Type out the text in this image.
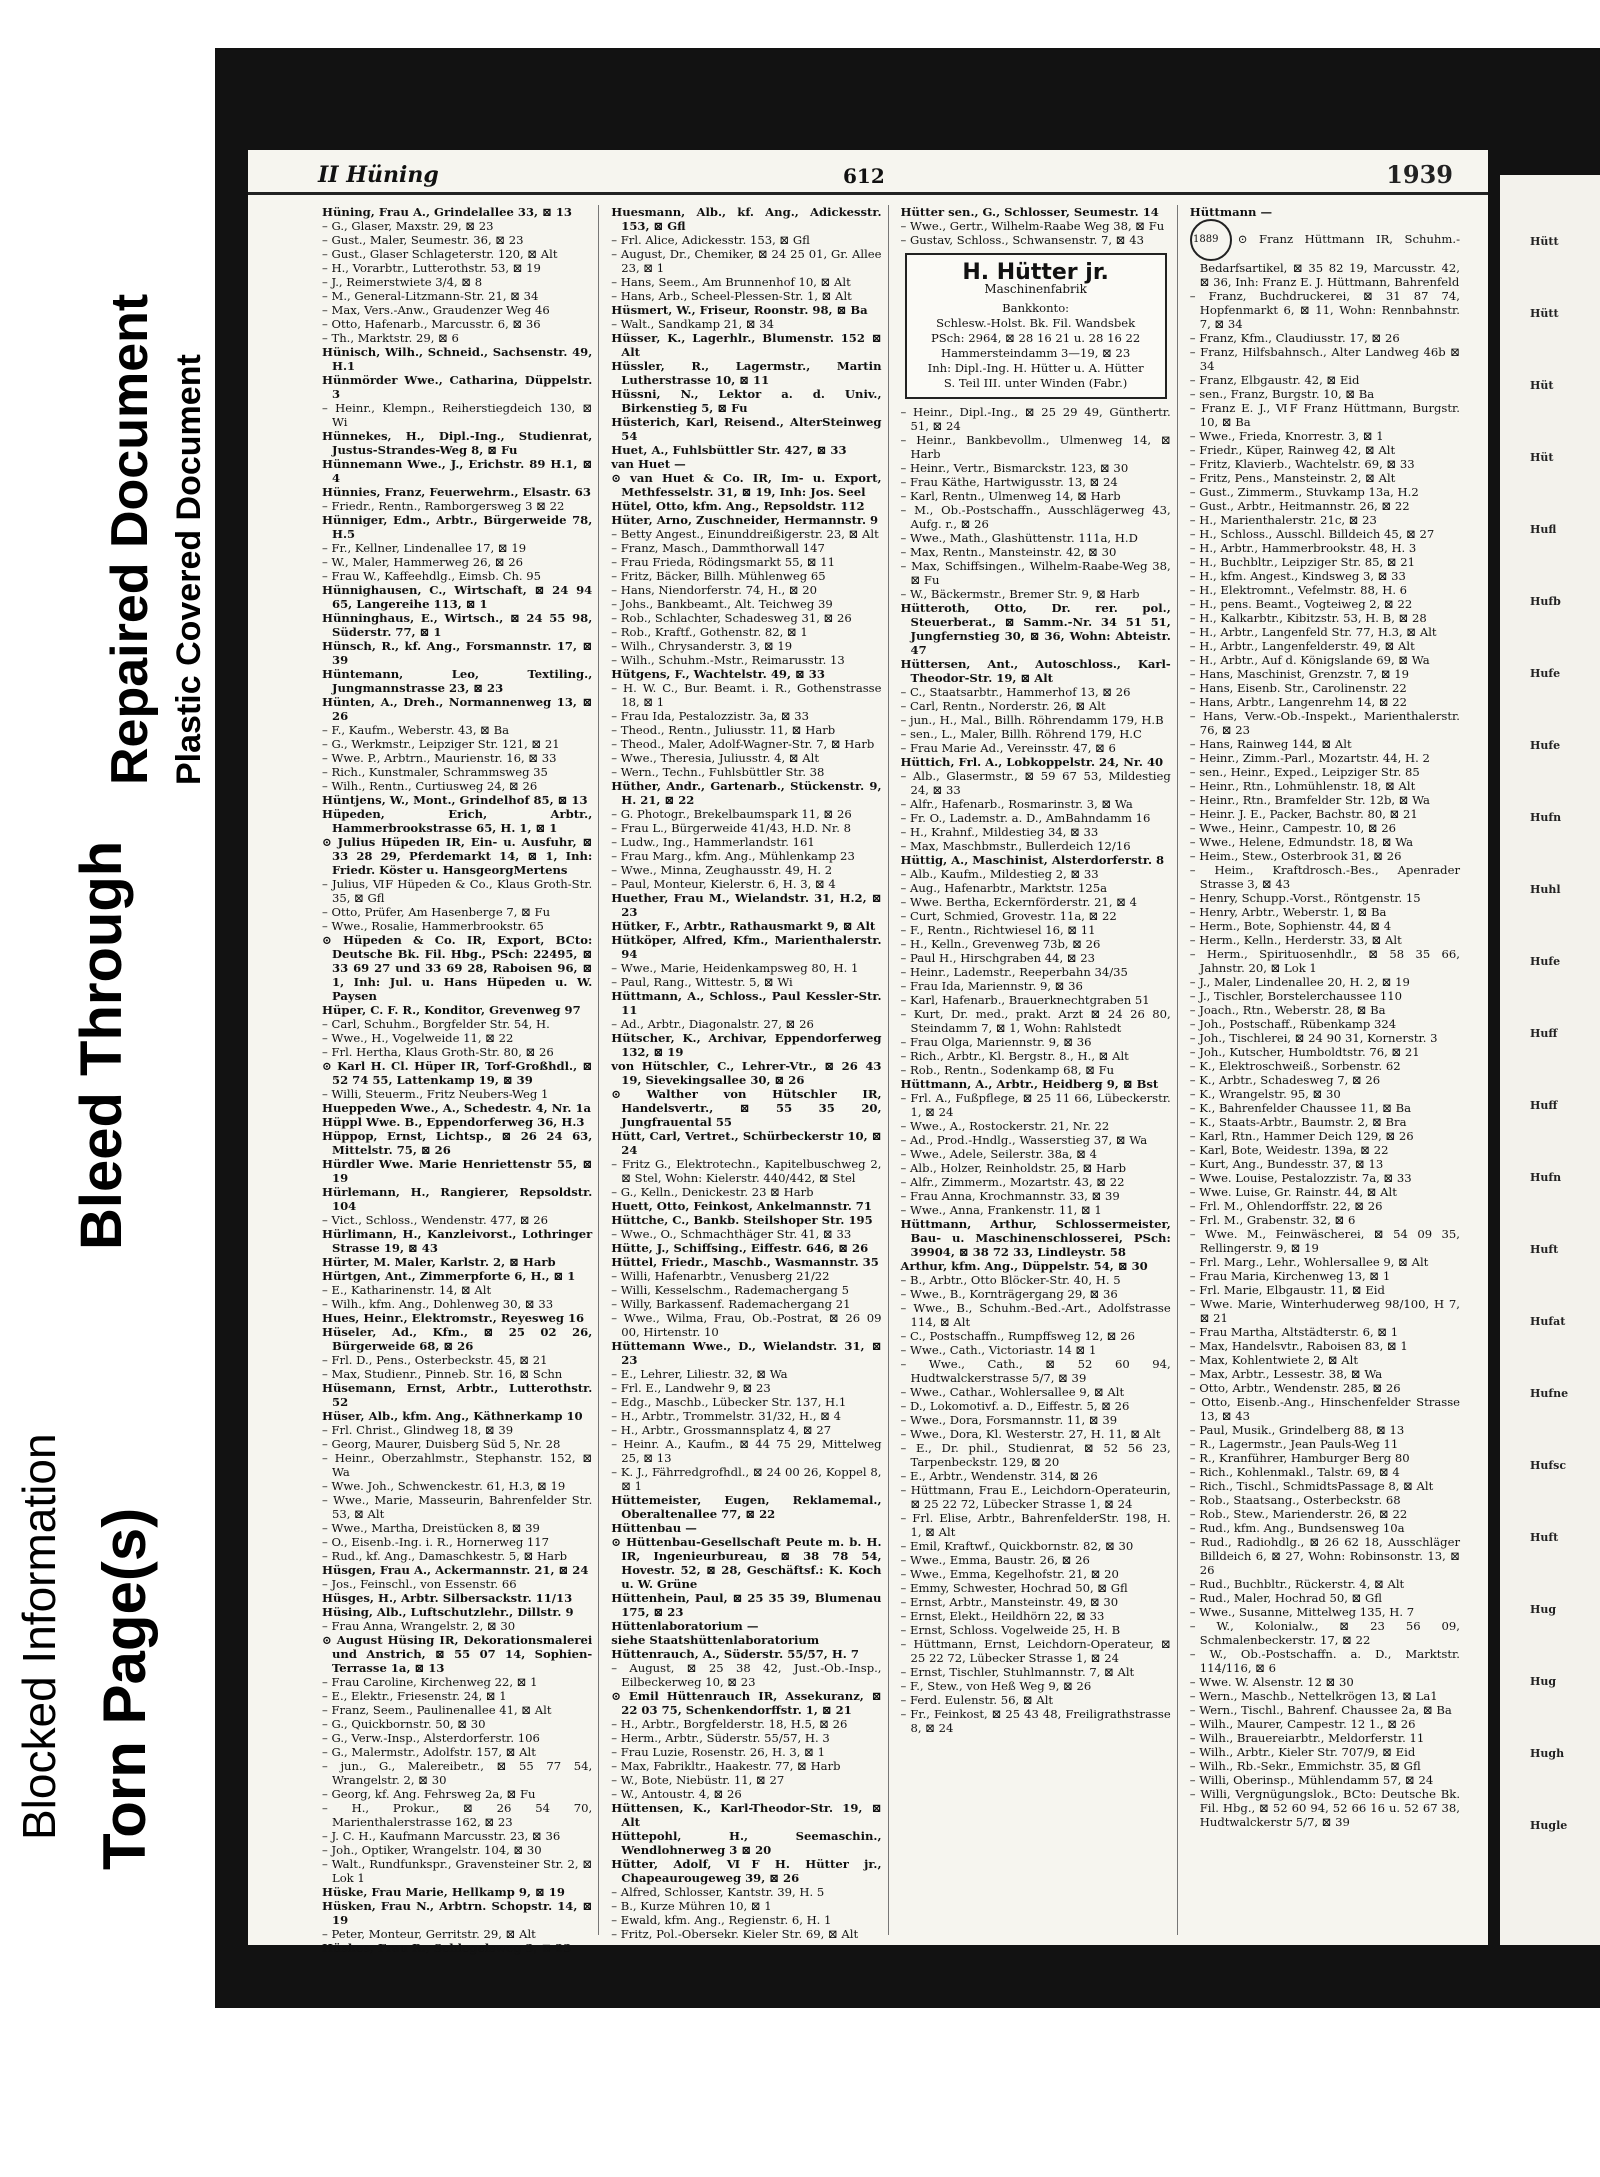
Bleed Through
Repaired Document Plastic Covered Document
Blocked Information Torn Page(s)
Hütt
Hütt
Hüt
Hüt
Hufl
Hufb
Hufe
Hufe
Hufn
Huhl
Hufe
Huff
Huff
Hufn
Huft
Hufat
Hufne
Hufsc
Huft
Hug
Hug
Hugh
Hugle
II Hüning	612	1939

Hüning, Frau A., Grindelallee 33, ⊠ 13

– G., Glaser, Maxstr. 29, ⊠ 23

– Gust., Maler, Seumestr. 36, ⊠ 23

– Gust., Glaser Schlageterstr. 120, ⊠ Alt

– H., Vorarbtr., Lutterothstr. 53, ⊠ 19

– J., Reimerstwiete 3/4, ⊠ 8

– M., General-Litzmann-Str. 21, ⊠ 34

– Max, Vers.-Anw., Graudenzer Weg 46

– Otto, Hafenarb., Marcusstr. 6, ⊠ 36

– Th., Marktstr. 29, ⊠ 6

Hünisch, Wilh., Schneid., Sachsenstr. 49, H.1

Hünmörder Wwe., Catharina, Düppelstr. 3

– Heinr., Klempn., Reiherstiegdeich 130, ⊠ Wi

Hünnekes, H., Dipl.-Ing., Studienrat, Justus-Strandes-Weg 8, ⊠ Fu

Hünnemann Wwe., J., Erichstr. 89 H.1, ⊠ 4

Hünnies, Franz, Feuerwehrm., Elsastr. 63

– Friedr., Rentn., Ramborgersweg 3 ⊠ 22

Hünniger, Edm., Arbtr., Bürgerweide 78, H.5

– Fr., Kellner, Lindenallee 17, ⊠ 19

– W., Maler, Hammerweg 26, ⊠ 26

– Frau W., Kaffeehdlg., Eimsb. Ch. 95

Hünnighausen, C., Wirtschaft, ⊠ 24 94 65, Langereihe 113, ⊠ 1

Hünninghaus, E., Wirtsch., ⊠ 24 55 98, Süderstr. 77, ⊠ 1

Hünsch, R., kf. Ang., Forsmannstr. 17, ⊠ 39

Hüntemann, Leo, Textiling., Jungmannstrasse 23, ⊠ 23

Hünten, A., Dreh., Normannenweg 13, ⊠ 26

– F., Kaufm., Weberstr. 43, ⊠ Ba

– G., Werkmstr., Leipziger Str. 121, ⊠ 21

– Wwe. P., Arbtrn., Maurienstr. 16, ⊠ 33

– Rich., Kunstmaler, Schrammsweg 35

– Wilh., Rentn., Curtiusweg 24, ⊠ 26

Hüntjens, W., Mont., Grindelhof 85, ⊠ 13

Hüpeden, Erich, Arbtr., Hammerbrookstrasse 65, H. 1, ⊠ 1

⊙ Julius Hüpeden IR, Ein- u. Ausfuhr, ⊠ 33 28 29, Pferdemarkt 14, ⊠ 1, Inh: Friedr. Köster u. HansgeorgMertens

– Julius, ⅥF Hüpeden & Co., Klaus Groth-Str. 35, ⊠ Gfl

– Otto, Prüfer, Am Hasenberge 7, ⊠ Fu

– Wwe., Rosalie, Hammerbrookstr. 65

⊙ Hüpeden & Co. IR, Export, BCto: Deutsche Bk. Fil. Hbg., PSch: 22495, ⊠ 33 69 27 und 33 69 28, Raboisen 96, ⊠ 1, Inh: Jul. u. Hans Hüpeden u. W. Paysen

Hüper, C. F. R., Konditor, Grevenweg 97

– Carl, Schuhm., Borgfelder Str. 54, H.

– Wwe., H., Vogelweide 11, ⊠ 22

– Frl. Hertha, Klaus Groth-Str. 80, ⊠ 26

⊙ Karl H. Cl. Hüper IR, Torf-Großhdl., ⊠ 52 74 55, Lattenkamp 19, ⊠ 39

– Willi, Steuerm., Fritz Neubers-Weg 1

Hueppeden Wwe., A., Schedestr. 4, Nr. 1a

Hüppl Wwe. B., Eppendorferweg 36, H.3

Hüppop, Ernst, Lichtsp., ⊠ 26 24 63, Mittelstr. 75, ⊠ 26

Hürdler Wwe. Marie Henriettenstr 55, ⊠ 19

Hürlemann, H., Rangierer, Repsoldstr. 104

– Vict., Schloss., Wendenstr. 477, ⊠ 26

Hürlimann, H., Kanzleivorst., Lothringer Strasse 19, ⊠ 43

Hürter, M. Maler, Karlstr. 2, ⊠ Harb

Hürtgen, Ant., Zimmerpforte 6, H., ⊠ 1

– E., Katharinenstr. 14, ⊠ Alt

– Wilh., kfm. Ang., Dohlenweg 30, ⊠ 33

Hues, Heinr., Elektromstr., Reyesweg 16

Hüseler, Ad., Kfm., ⊠ 25 02 26, Bürgerweide 68, ⊠ 26

– Frl. D., Pens., Osterbeckstr. 45, ⊠ 21

– Max, Studienr., Pinneb. Str. 16, ⊠ Schn

Hüsemann, Ernst, Arbtr., Lutterothstr. 52

Hüser, Alb., kfm. Ang., Käthnerkamp 10

– Frl. Christ., Glindweg 18, ⊠ 39

– Georg, Maurer, Duisberg Süd 5, Nr. 28

– Heinr., Oberzahlmstr., Stephanstr. 152, ⊠ Wa

– Wwe. Joh., Schwenckestr. 61, H.3, ⊠ 19

– Wwe., Marie, Masseurin, Bahrenfelder Str. 53, ⊠ Alt

– Wwe., Martha, Dreistücken 8, ⊠ 39

– O., Eisenb.-Ing. i. R., Hornerweg 117

– Rud., kf. Ang., Damaschkestr. 5, ⊠ Harb

Hüsgen, Frau A., Ackermannstr. 21, ⊠ 24

– Jos., Feinschl., von Essenstr. 66

Hüsges, H., Arbtr. Silbersackstr. 11/13

Hüsing, Alb., Luftschutzlehr., Dillstr. 9

– Frau Anna, Wrangelstr. 2, ⊠ 30

⊙ August Hüsing IR, Dekorationsmalerei und Anstrich, ⊠ 55 07 14, Sophien-Terrasse 1a, ⊠ 13

– Frau Caroline, Kirchenweg 22, ⊠ 1

– E., Elektr., Friesenstr. 24, ⊠ 1

– Franz, Seem., Paulinenallee 41, ⊠ Alt

– G., Quickbornstr. 50, ⊠ 30

– G., Verw.-Insp., Alsterdorferstr. 106

– G., Malermstr., Adolfstr. 157, ⊠ Alt

– jun., G., Malereibetr., ⊠ 55 77 54, Wrangelstr. 2, ⊠ 30

– Georg, kf. Ang. Fehrsweg 2a, ⊠ Fu

– H., Prokur., ⊠ 26 54 70, Marienthalerstrasse 162, ⊠ 23

– J. C. H., Kaufmann Marcusstr. 23, ⊠ 36

– Joh., Optiker, Wrangelstr. 104, ⊠ 30

– Walt., Rundfunkspr., Gravensteiner Str. 2, ⊠ Lok 1

Hüske, Frau Marie, Hellkamp 9, ⊠ 19

Hüsken, Frau N., Arbtrn. Schopstr. 14, ⊠ 19

– Peter, Monteur, Gerritstr. 29, ⊠ Alt

Hüskes, Frau R., Schlegelsweg 3, ⊠ 23

Huesmann, Alb., kf. Ang., Adickesstr. 153, ⊠ Gfl

– Frl. Alice, Adickesstr. 153, ⊠ Gfl

– August, Dr., Chemiker, ⊠ 24 25 01, Gr. Allee 23, ⊠ 1

– Hans, Seem., Am Brunnenhof 10, ⊠ Alt

– Hans, Arb., Scheel-Plessen-Str. 1, ⊠ Alt

Hüsmert, W., Friseur, Roonstr. 98, ⊠ Ba

– Walt., Sandkamp 21, ⊠ 34

Hüsser, K., Lagerhlr., Blumenstr. 152 ⊠ Alt

Hüssler, R., Lagermstr., Martin Lutherstrasse 10, ⊠ 11

Hüssni, N., Lektor a. d. Univ., Birkenstieg 5, ⊠ Fu

Hüsterich, Karl, Reisend., AlterSteinweg 54

Huet, A., Fuhlsbüttler Str. 427, ⊠ 33

van Huet —

⊙ van Huet & Co. IR, Im- u. Export, Methfesselstr. 31, ⊠ 19, Inh: Jos. Seel

Hütel, Otto, kfm. Ang., Repsoldstr. 112

Hüter, Arno, Zuschneider, Hermannstr. 9

– Betty Angest., Einunddreißigerstr. 23, ⊠ Alt

– Franz, Masch., Dammthorwall 147

– Frau Frieda, Rödingsmarkt 55, ⊠ 11

– Fritz, Bäcker, Billh. Mühlenweg 65

– Hans, Niendorferstr. 74, H., ⊠ 20

– Johs., Bankbeamt., Alt. Teichweg 39

– Rob., Schlachter, Schadesweg 31, ⊠ 26

– Rob., Kraftf., Gothenstr. 82, ⊠ 1

– Wilh., Chrysanderstr. 3, ⊠ 19

– Wilh., Schuhm.-Mstr., Reimarusstr. 13

Hütgens, F., Wachtelstr. 49, ⊠ 33

– H. W. C., Bur. Beamt. i. R., Gothenstrasse 18, ⊠ 1

– Frau Ida, Pestalozzistr. 3a, ⊠ 33

– Theod., Rentn., Juliusstr. 11, ⊠ Harb

– Theod., Maler, Adolf-Wagner-Str. 7, ⊠ Harb

– Wwe., Theresia, Juliusstr. 4, ⊠ Alt

– Wern., Techn., Fuhlsbüttler Str. 38

Hüther, Andr., Gartenarb., Stückenstr. 9, H. 21, ⊠ 22

– G. Photogr., Brekelbaumspark 11, ⊠ 26

– Frau L., Bürgerweide 41/43, H.D. Nr. 8

– Ludw., Ing., Hammerlandstr. 161

– Frau Marg., kfm. Ang., Mühlenkamp 23

– Wwe., Minna, Zeughausstr. 49, H. 2

– Paul, Monteur, Kielerstr. 6, H. 3, ⊠ 4

Huether, Frau M., Wielandstr. 31, H.2, ⊠ 23

Hütker, F., Arbtr., Rathausmarkt 9, ⊠ Alt

Hütköper, Alfred, Kfm., Marienthalerstr. 94

– Wwe., Marie, Heidenkampsweg 80, H. 1

– Paul, Rang., Wittestr. 5, ⊠ Wi

Hüttmann, A., Schloss., Paul Kessler-Str. 11

– Ad., Arbtr., Diagonalstr. 27, ⊠ 26

Hütscher, K., Archivar, Eppendorferweg 132, ⊠ 19

von Hütschler, C., Lehrer-Vtr., ⊠ 26 43 19, Sievekingsallee 30, ⊠ 26

⊙ Walther von Hütschler IR, Handelsvertr., ⊠ 55 35 20, Jungfrauental 55

Hütt, Carl, Vertret., Schürbeckerstr 10, ⊠ 24

– Fritz G., Elektrotechn., Kapitelbuschweg 2, ⊠ Stel, Wohn: Kielerstr. 440/442, ⊠ Stel

– G., Kelln., Denickestr. 23 ⊠ Harb

Huett, Otto, Feinkost, Ankelmannstr. 71

Hüttche, C., Bankb. Steilshoper Str. 195

– Wwe., O., Schmachthäger Str. 41, ⊠ 33

Hütte, J., Schiffsing., Eiffestr. 646, ⊠ 26

Hüttel, Friedr., Maschb., Wasmannstr. 35

– Willi, Hafenarbtr., Venusberg 21/22

– Willi, Kesselschm., Rademachergang 5

– Willy, Barkassenf. Rademachergang 21

– Wwe., Wilma, Frau, Ob.-Postrat, ⊠ 26 09 00, Hirtenstr. 10

Hüttemann Wwe., D., Wielandstr. 31, ⊠ 23

– E., Lehrer, Liliestr. 32, ⊠ Wa

– Frl. E., Landwehr 9, ⊠ 23

– Edg., Maschb., Lübecker Str. 137, H.1

– H., Arbtr., Trommelstr. 31/32, H., ⊠ 4

– H., Arbtr., Grossmannsplatz 4, ⊠ 27

– Heinr. A., Kaufm., ⊠ 44 75 29, Mittelweg 25, ⊠ 13

– K. J., Fährredgrofhdl., ⊠ 24 00 26, Koppel 8, ⊠ 1

Hüttemeister, Eugen, Reklamemal., Oberaltenallee 77, ⊠ 22

Hüttenbau —

⊙ Hüttenbau-Gesellschaft Peute m. b. H. IR, Ingenieurbureau, ⊠ 38 78 54, Hovestr. 52, ⊠ 28, Geschäftsf.: K. Koch u. W. Grüne

Hüttenhein, Paul, ⊠ 25 35 39, Blumenau 175, ⊠ 23

Hüttenlaboratorium —

siehe Staatshüttenlaboratorium

Hüttenrauch, A., Süderstr. 55/57, H. 7

– August, ⊠ 25 38 42, Just.-Ob.-Insp., Eilbeckerweg 10, ⊠ 23

⊙ Emil Hüttenrauch IR, Assekuranz, ⊠ 22 03 75, Schenkendorffstr. 1, ⊠ 21

– H., Arbtr., Borgfelderstr. 18, H.5, ⊠ 26

– Herm., Arbtr., Süderstr. 55/57, H. 3

– Frau Luzie, Rosenstr. 26, H. 3, ⊠ 1

– Max, Fabrikltr., Haakestr. 77, ⊠ Harb

– W., Bote, Niebüstr. 11, ⊠ 27

– W., Antoustr. 4, ⊠ 26

Hüttensen, K., Karl-Theodor-Str. 19, ⊠ Alt

Hüttepohl, H., Seemaschin., Wendlohnerweg 3 ⊠ 20

Hütter, Adolf, ⅥF H. Hütter jr., Chapeaurougeweg 39, ⊠ 26

– Alfred, Schlosser, Kantstr. 39, H. 5

– B., Kurze Mühren 10, ⊠ 1

– Ewald, kfm. Ang., Regienstr. 6, H. 1

– Fritz, Pol.-Obersekr. Kieler Str. 69, ⊠ Alt

Hütter sen., G., Schlosser, Seumestr. 14

– Wwe., Gertr., Wilhelm-Raabe Weg 38, ⊠ Fu

– Gustav, Schloss., Schwansenstr. 7, ⊠ 43

H. Hütter jr.
Maschinenfabrik
Bankkonto:
Schlesw.-Holst. Bk. Fil. Wandsbek
PSch: 2964, ⊠ 28 16 21 u. 28 16 22
Hammersteindamm 3—19, ⊠ 23
Inh: Dipl.-Ing. H. Hütter u. A. Hütter
S. Teil III. unter Winden (Fabr.)

– Heinr., Dipl.-Ing., ⊠ 25 29 49, Günthertr. 51, ⊠ 24

– Heinr., Bankbevollm., Ulmenweg 14, ⊠ Harb

– Heinr., Vertr., Bismarckstr. 123, ⊠ 30

– Frau Käthe, Hartwigusstr. 13, ⊠ 24

– Karl, Rentn., Ulmenweg 14, ⊠ Harb

– M., Ob.-Postschaffn., Ausschlägerweg 43, Aufg. r., ⊠ 26

– Wwe., Math., Glashüttenstr. 111a, H.D

– Max, Rentn., Mansteinstr. 42, ⊠ 30

– Max, Schiffsingen., Wilhelm-Raabe-Weg 38, ⊠ Fu

– W., Bäckermstr., Bremer Str. 9, ⊠ Harb

Hütteroth, Otto, Dr. rer. pol., Steuerberat., ⊠ Samm.-Nr. 34 51 51, Jungfernstieg 30, ⊠ 36, Wohn: Abteistr. 47

Hüttersen, Ant., Autoschloss., Karl-Theodor-Str. 19, ⊠ Alt

– C., Staatsarbtr., Hammerhof 13, ⊠ 26

– Carl, Rentn., Norderstr. 26, ⊠ Alt

– jun., H., Mal., Billh. Röhrendamm 179, H.B

– sen., L., Maler, Billh. Röhrend 179, H.C

– Frau Marie Ad., Vereinsstr. 47, ⊠ 6

Hüttich, Frl. A., Lobkoppelstr. 24, Nr. 40

– Alb., Glasermstr., ⊠ 59 67 53, Mildestieg 24, ⊠ 33

– Alfr., Hafenarb., Rosmarinstr. 3, ⊠ Wa

– Fr. O., Lademstr. a. D., AmBahndamm 16

– H., Krahnf., Mildestieg 34, ⊠ 33

– Max, Maschbmstr., Bullerdeich 12/16

Hüttig, A., Maschinist, Alsterdorferstr. 8

– Alb., Kaufm., Mildestieg 2, ⊠ 33

– Aug., Hafenarbtr., Marktstr. 125a

– Wwe. Bertha, Eckernförderstr. 21, ⊠ 4

– Curt, Schmied, Grovestr. 11a, ⊠ 22

– F., Rentn., Richtwiesel 16, ⊠ 11

– H., Kelln., Grevenweg 73b, ⊠ 26

– Paul H., Hirschgraben 44, ⊠ 23

– Heinr., Lademstr., Reeperbahn 34/35

– Frau Ida, Mariennstr. 9, ⊠ 36

– Karl, Hafenarb., Brauerknechtgraben 51

– Kurt, Dr. med., prakt. Arzt ⊠ 24 26 80, Steindamm 7, ⊠ 1, Wohn: Rahlstedt

– Frau Olga, Mariennstr. 9, ⊠ 36

– Rich., Arbtr., Kl. Bergstr. 8., H., ⊠ Alt

– Rob., Rentn., Sodenkamp 68, ⊠ Fu

Hüttmann, A., Arbtr., Heidberg 9, ⊠ Bst

– Frl. A., Fußpflege, ⊠ 25 11 66, Lübeckerstr. 1, ⊠ 24

– Wwe., A., Rostockerstr. 21, Nr. 22

– Ad., Prod.-Hndlg., Wasserstieg 37, ⊠ Wa

– Wwe., Adele, Seilerstr. 38a, ⊠ 4

– Alb., Holzer, Reinholdstr. 25, ⊠ Harb

– Alfr., Zimmerm., Mozartstr. 43, ⊠ 22

– Frau Anna, Krochmannstr. 33, ⊠ 39

– Wwe., Anna, Frankenstr. 11, ⊠ 1

Hüttmann, Arthur, Schlossermeister, Bau- u. Maschinenschlosserei, PSch: 39904, ⊠ 38 72 33, Lindleystr. 58

Arthur, kfm. Ang., Düppelstr. 54, ⊠ 30

– B., Arbtr., Otto Blöcker-Str. 40, H. 5

– Wwe., B., Kornträgergang 29, ⊠ 36

– Wwe., B., Schuhm.-Bed.-Art., Adolfstrasse 114, ⊠ Alt

– C., Postschaffn., Rumpffsweg 12, ⊠ 26

– Wwe., Cath., Victoriastr. 14 ⊠ 1

– Wwe., Cath., ⊠ 52 60 94, Hudtwalckerstrasse 5/7, ⊠ 39

– Wwe., Cathar., Wohlersallee 9, ⊠ Alt

– D., Lokomotivf. a. D., Eiffestr. 5, ⊠ 26

– Wwe., Dora, Forsmannstr. 11, ⊠ 39

– Wwe., Dora, Kl. Westerstr. 27, H. 11, ⊠ Alt

– E., Dr. phil., Studienrat, ⊠ 52 56 23, Tarpenbeckstr. 129, ⊠ 20

– E., Arbtr., Wendenstr. 314, ⊠ 26

– Hüttmann, Frau E., Leichdorn-Operateurin, ⊠ 25 22 72, Lübecker Strasse 1, ⊠ 24

– Frl. Elise, Arbtr., BahrenfelderStr. 198, H. 1, ⊠ Alt

– Emil, Kraftwf., Quickbornstr. 82, ⊠ 30

– Wwe., Emma, Baustr. 26, ⊠ 26

– Wwe., Emma, Kegelhofstr. 21, ⊠ 20

– Emmy, Schwester, Hochrad 50, ⊠ Gfl

– Ernst, Arbtr., Mansteinstr. 49, ⊠ 30

– Ernst, Elekt., Heildhörn 22, ⊠ 33

– Ernst, Schloss. Vogelweide 25, H. B

– Hüttmann, Ernst, Leichdorn-Operateur, ⊠ 25 22 72, Lübecker Strasse 1, ⊠ 24

– Ernst, Tischler, Stuhlmannstr. 7, ⊠ Alt

– F., Stew., von Heß Weg 9, ⊠ 26

– Ferd. Eulenstr. 56, ⊠ Alt

– Fr., Feinkost, ⊠ 25 43 48, Freiligrathstrasse 8, ⊠ 24

Hüttmann —

1889 ⊙ Franz Hüttmann IR, Schuhm.-Bedarfsartikel, ⊠ 35 82 19, Marcusstr. 42, ⊠ 36, Inh: Franz E. J. Hüttmann, Bahrenfeld

– Franz, Buchdruckerei, ⊠ 31 87 74, Hopfenmarkt 6, ⊠ 11, Wohn: Rennbahnstr. 7, ⊠ 34

– Franz, Kfm., Claudiusstr. 17, ⊠ 26

– Franz, Hilfsbahnsch., Alter Landweg 46b ⊠ 34

– Franz, Elbgaustr. 42, ⊠ Eid

– sen., Franz, Burgstr. 10, ⊠ Ba

– Franz E. J., ⅥF Franz Hüttmann, Burgstr. 10, ⊠ Ba

– Wwe., Frieda, Knorrestr. 3, ⊠ 1

– Friedr., Küper, Rainweg 42, ⊠ Alt

– Fritz, Klavierb., Wachtelstr. 69, ⊠ 33

– Fritz, Pens., Mansteinstr. 2, ⊠ Alt

– Gust., Zimmerm., Stuvkamp 13a, H.2

– Gust., Arbtr., Heitmannstr. 26, ⊠ 22

– H., Marienthalerstr. 21c, ⊠ 23

– H., Schloss., Ausschl. Billdeich 45, ⊠ 27

– H., Arbtr., Hammerbrookstr. 48, H. 3

– H., Buchbltr., Leipziger Str. 85, ⊠ 21

– H., kfm. Angest., Kindsweg 3, ⊠ 33

– H., Elektromnt., Vefelmstr. 88, H. 6

– H., pens. Beamt., Vogteiweg 2, ⊠ 22

– H., Kalkarbtr., Kibitzstr. 53, H. B, ⊠ 28

– H., Arbtr., Langenfeld Str. 77, H.3, ⊠ Alt

– H., Arbtr., Langenfelderstr. 49, ⊠ Alt

– H., Arbtr., Auf d. Königslande 69, ⊠ Wa

– Hans, Maschinist, Grenzstr. 7, ⊠ 19

– Hans, Eisenb. Str., Carolinenstr. 22

– Hans, Arbtr., Langenrehm 14, ⊠ 22

– Hans, Verw.-Ob.-Inspekt., Marienthalerstr. 76, ⊠ 23

– Hans, Rainweg 144, ⊠ Alt

– Heinr., Zimm.-Parl., Mozartstr. 44, H. 2

– sen., Heinr., Exped., Leipziger Str. 85

– Heinr., Rtn., Lohmühlenstr. 18, ⊠ Alt

– Heinr., Rtn., Bramfelder Str. 12b, ⊠ Wa

– Heinr. J. E., Packer, Bachstr. 80, ⊠ 21

– Wwe., Heinr., Campestr. 10, ⊠ 26

– Wwe., Helene, Edmundstr. 18, ⊠ Wa

– Heim., Stew., Osterbrook 31, ⊠ 26

– Heim., Kraftdrosch.-Bes., Apenrader Strasse 3, ⊠ 43

– Henry, Schupp.-Vorst., Röntgenstr. 15

– Henry, Arbtr., Weberstr. 1, ⊠ Ba

– Herm., Bote, Sophienstr. 44, ⊠ 4

– Herm., Kelln., Herderstr. 33, ⊠ Alt

– Herm., Spirituosenhdlr., ⊠ 58 35 66, Jahnstr. 20, ⊠ Lok 1

– J., Maler, Lindenallee 20, H. 2, ⊠ 19

– J., Tischler, Borstelerchaussee 110

– Joach., Rtn., Weberstr. 28, ⊠ Ba

– Joh., Postschaff., Rübenkamp 324

– Joh., Tischlerei, ⊠ 24 90 31, Kornerstr. 3

– Joh., Kutscher, Humboldtstr. 76, ⊠ 21

– K., Elektroschweiß., Sorbenstr. 62

– K., Arbtr., Schadesweg 7, ⊠ 26

– K., Wrangelstr. 95, ⊠ 30

– K., Bahrenfelder Chaussee 11, ⊠ Ba

– K., Staats-Arbtr., Baumstr. 2, ⊠ Bra

– Karl, Rtn., Hammer Deich 129, ⊠ 26

– Karl, Bote, Weidestr. 139a, ⊠ 22

– Kurt, Ang., Bundesstr. 37, ⊠ 13

– Wwe. Louise, Pestalozzistr. 7a, ⊠ 33

– Wwe. Luise, Gr. Rainstr. 44, ⊠ Alt

– Frl. M., Ohlendorffstr. 22, ⊠ 26

– Frl. M., Grabenstr. 32, ⊠ 6

– Wwe. M., Feinwäscherei, ⊠ 54 09 35, Rellingerstr. 9, ⊠ 19

– Frl. Marg., Lehr., Wohlersallee 9, ⊠ Alt

– Frau Maria, Kirchenweg 13, ⊠ 1

– Frl. Marie, Elbgaustr. 11, ⊠ Eid

– Wwe. Marie, Winterhuderweg 98/100, H 7, ⊠ 21

– Frau Martha, Altstädterstr. 6, ⊠ 1

– Max, Handelsvtr., Raboisen 83, ⊠ 1

– Max, Kohlentwiete 2, ⊠ Alt

– Max, Arbtr., Lessestr. 38, ⊠ Wa

– Otto, Arbtr., Wendenstr. 285, ⊠ 26

– Otto, Eisenb.-Ang., Hinschenfelder Strasse 13, ⊠ 43

– Paul, Musik., Grindelberg 88, ⊠ 13

– R., Lagermstr., Jean Pauls-Weg 11

– R., Kranführer, Hamburger Berg 80

– Rich., Kohlenmakl., Talstr. 69, ⊠ 4

– Rich., Tischl., SchmidtsPassage 8, ⊠ Alt

– Rob., Staatsang., Osterbeckstr. 68

– Rob., Stew., Marienderstr. 26, ⊠ 22

– Rud., kfm. Ang., Bundsensweg 10a

– Rud., Radiohdlg., ⊠ 26 62 18, Ausschläger Billdeich 6, ⊠ 27, Wohn: Robinsonstr. 13, ⊠ 26

– Rud., Buchbltr., Rückerstr. 4, ⊠ Alt

– Rud., Maler, Hochrad 50, ⊠ Gfl

– Wwe., Susanne, Mittelweg 135, H. 7

– W., Kolonialw., ⊠ 23 56 09, Schmalenbeckerstr. 17, ⊠ 22

– W., Ob.-Postschaffn. a. D., Marktstr. 114/116, ⊠ 6

– Wwe. W. Alsenstr. 12 ⊠ 30

– Wern., Maschb., Nettelkrögen 13, ⊠ La1

– Wern., Tischl., Bahrenf. Chaussee 2a, ⊠ Ba

– Wilh., Maurer, Campestr. 12 1., ⊠ 26

– Wilh., Brauereiarbtr., Meldorferstr. 11

– Wilh., Arbtr., Kieler Str. 707/9, ⊠ Eid

– Wilh., Rb.-Sekr., Emmichstr. 35, ⊠ Gfl

– Willi, Oberinsp., Mühlendamm 57, ⊠ 24

– Willi, Vergnügungslok., BCto: Deutsche Bk. Fil. Hbg., ⊠ 52 60 94, 52 66 16 u. 52 67 38, Hudtwalckerstr 5/7, ⊠ 39
